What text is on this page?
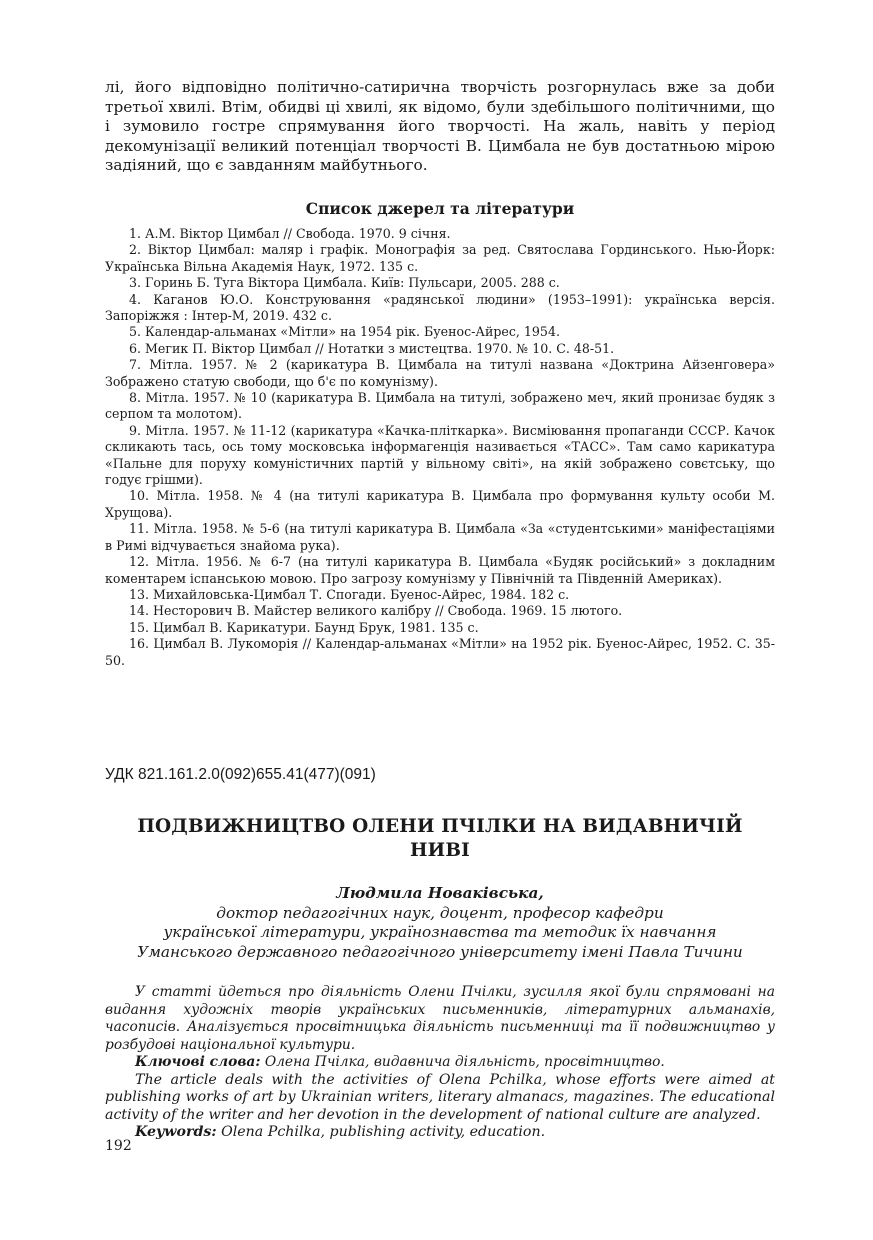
лі, його відповідно політично-сатирична творчість розгорнулась вже за доби третьої хвилі. Втім, обидві ці хвилі, як відомо, були здебільшого політичними, що і зумовило гостре спрямування його творчості. На жаль, навіть у період декомунізації великий потенціал творчості В. Цимбала не був достатньою мірою задіяний, що є завданням майбутнього.

Список джерел та літератури
1. А.М. Віктор Цимбал // Свобода. 1970. 9 січня.
2. Віктор Цимбал: маляр і графік. Монографія за ред. Святослава Гординського. Нью-Йорк: Українська Вільна Академія Наук, 1972. 135 с.
3. Горинь Б. Туга Віктора Цимбала. Київ: Пульсари, 2005. 288 с.
4. Каганов Ю.О. Конструювання «радянської людини» (1953–1991): українська версія. Запоріжжя : Інтер-М, 2019. 432 с.
5. Календар-альманах «Мітли» на 1954 рік. Буенос-Айрес, 1954.
6. Мегик П. Віктор Цимбал // Нотатки з мистецтва. 1970. № 10. С. 48-51.
7. Мітла. 1957. № 2 (карикатура В. Цимбала на титулі названа «Доктрина Айзенговера» Зображено статую свободи, що б'є по комунізму).
8. Мітла. 1957. № 10 (карикатура В. Цимбала на титулі, зображено меч, який пронизає будяк з серпом та молотом).
9. Мітла. 1957. № 11-12 (карикатура «Качка-пліткарка». Висміювання пропаганди СССР. Качок скликають тась, ось тому московська інформагенція називається «ТАСС». Там само карикатура «Пальне для поруху комуністичних партій у вільному світі», на якій зображено совєтську, що годує грішми).
10. Мітла. 1958. № 4 (на титулі карикатура В. Цимбала про формування культу особи М. Хрущова).
11. Мітла. 1958. № 5-6 (на титулі карикатура В. Цимбала «За «студентськими» маніфестаціями в Римі відчувається знайома рука).
12. Мітла. 1956. № 6-7 (на титулі карикатура В. Цимбала «Будяк російський» з докладним коментарем іспанською мовою. Про загрозу комунізму у Північній та Південній Америках).
13. Михайловська-Цимбал Т. Спогади. Буенос-Айрес, 1984. 182 с.
14. Несторович В. Майстер великого калібру // Свобода. 1969. 15 лютого.
15. Цимбал В. Карикатури. Баунд Брук, 1981. 135 с.
16. Цимбал В. Лукоморія // Календар-альманах «Мітли» на 1952 рік. Буенос-Айрес, 1952. С. 35-50.
УДК 821.161.2.0(092)655.41(477)(091)
ПОДВИЖНИЦТВО ОЛЕНИ ПЧІЛКИ НА ВИДАВНИЧІЙ НИВІ
Людмила Новаківська,
доктор педагогічних наук, доцент, професор кафедри
української літератури, українознавства та методик їх навчання
Уманського державного педагогічного університету імені Павла Тичини

У статті йдеться про діяльність Олени Пчілки, зусилля якої були спрямовані на видання художніх творів українських письменників, літературних альманахів, часописів. Аналізується просвітницька діяльність письменниці та її подвижництво у розбудові національної культури.

Ключові слова: Олена Пчілка, видавнича діяльність, просвітництво.

The article deals with the activities of Olena Pchilka, whose efforts were aimed at publishing works of art by Ukrainian writers, literary almanacs, magazines. The educational activity of the writer and her devotion in the development of national culture are analyzed.

Keywords: Olena Pchilka, publishing activity, education.

192
